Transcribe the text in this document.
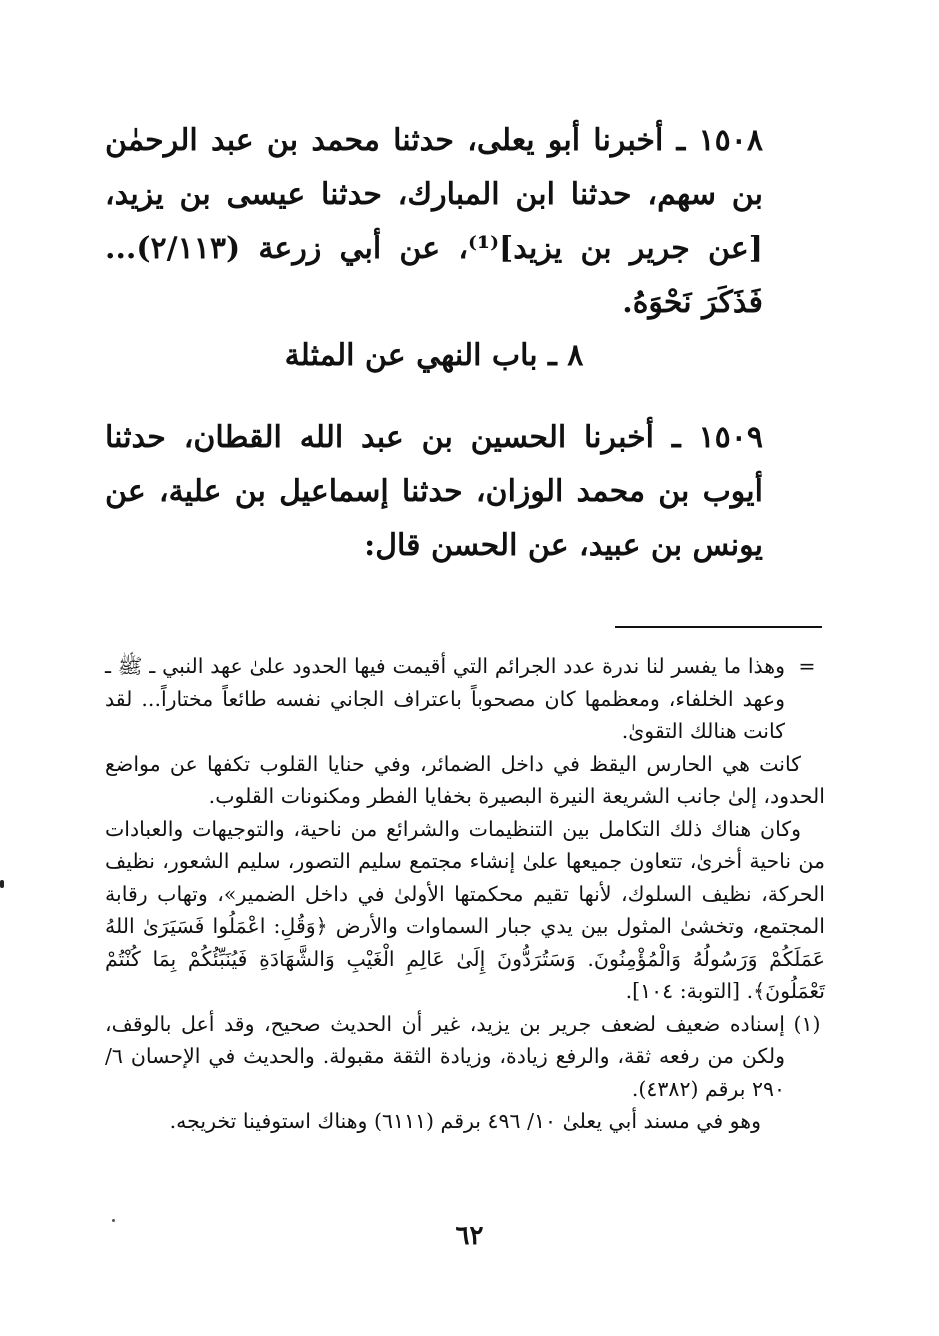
١٥٠٨ ـ أخبرنا أبو يعلى، حدثنا محمد بن عبد الرحمٰن بن سهم، حدثنا ابن المبارك، حدثنا عيسى بن يزيد، [عن جرير بن يزيد]⁽¹⁾، عن أبي زرعة (٢/١١٣)... فَذَكَرَ نَحْوَهُ.
٨ ـ باب النهي عن المثلة
١٥٠٩ ـ أخبرنا الحسين بن عبد الله القطان، حدثنا أيوب بن محمد الوزان، حدثنا إسماعيل بن علية، عن يونس بن عبيد، عن الحسن قال:
=

وهذا ما يفسر لنا ندرة عدد الجرائم التي أقيمت فيها الحدود علىٰ عهد النبي ـ ﷺ ـ وعهد الخلفاء، ومعظمها كان مصحوباً باعتراف الجاني نفسه طائعاً مختاراً... لقد كانت هنالك التقوىٰ.

كانت هي الحارس اليقظ في داخل الضمائر، وفي حنايا القلوب تكفها عن مواضع الحدود، إلىٰ جانب الشريعة النيرة البصيرة بخفايا الفطر ومكنونات القلوب.

وكان هناك ذلك التكامل بين التنظيمات والشرائع من ناحية، والتوجيهات والعبادات من ناحية أخرىٰ، تتعاون جميعها علىٰ إنشاء مجتمع سليم التصور، سليم الشعور، نظيف الحركة، نظيف السلوك، لأنها تقيم محكمتها الأولىٰ في داخل الضمير»، وتهاب رقابة المجتمع، وتخشىٰ المثول بين يدي جبار السماوات والأرض ﴿وَقُلِ: اعْمَلُوا فَسَيَرَىٰ اللهُ عَمَلَكُمْ وَرَسُولُهُ وَالْمُؤْمِنُونَ. وَسَتُرَدُّونَ إِلَىٰ عَالِمِ الْغَيْبِ وَالشَّهَادَةِ فَيُنَبِّئُكُمْ بِمَا كُنْتُمْ تَعْمَلُونَ﴾. [التوبة: ١٠٤].

(١)

إسناده ضعيف لضعف جرير بن يزيد، غير أن الحديث صحيح، وقد أعل بالوقف، ولكن من رفعه ثقة، والرفع زيادة، وزيادة الثقة مقبولة. والحديث في الإحسان ٦/ ٢٩٠ برقم (٤٣٨٢).

وهو في مسند أبي يعلىٰ ١٠/ ٤٩٦ برقم (٦١١١) وهناك استوفينا تخريجه.

٦٢
